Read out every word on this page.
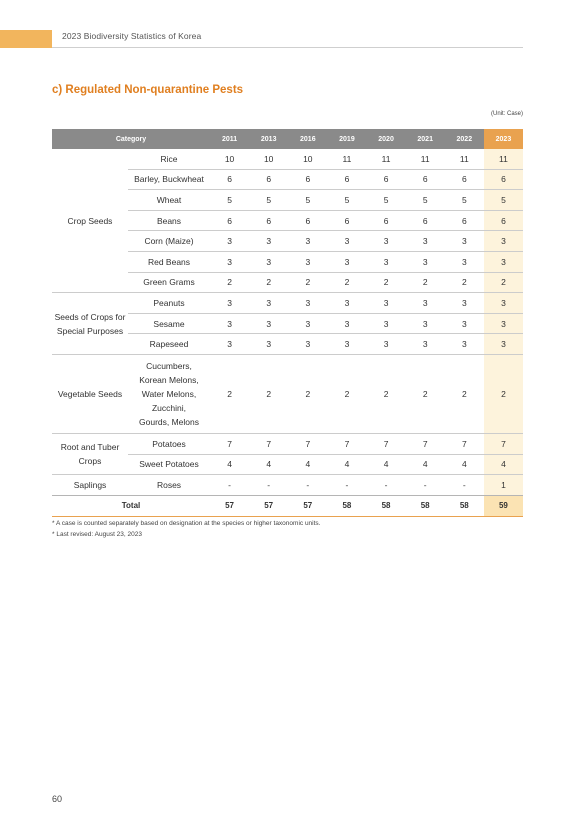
2023 Biodiversity Statistics of Korea
c) Regulated Non-quarantine Pests
(Unit: Case)
Category		2011	2013	2016	2019	2020	2021	2022	2023
Crop Seeds	Rice	10	10	10	11	11	11	11	11
	Barley, Buckwheat	6	6	6	6	6	6	6	6
	Wheat	5	5	5	5	5	5	5	5
	Beans	6	6	6	6	6	6	6	6
	Corn (Maize)	3	3	3	3	3	3	3	3
	Red Beans	3	3	3	3	3	3	3	3
	Green Grams	2	2	2	2	2	2	2	2
Seeds of Crops for Special Purposes	Peanuts	3	3	3	3	3	3	3	3
	Sesame	3	3	3	3	3	3	3	3
	Rapeseed	3	3	3	3	3	3	3	3
Vegetable Seeds	Cucumbers, Korean Melons, Water Melons, Zucchini, Gourds, Melons	2	2	2	2	2	2	2	2
Root and Tuber Crops	Potatoes	7	7	7	7	7	7	7	7
	Sweet Potatoes	4	4	4	4	4	4	4	4
Saplings	Roses	-	-	-	-	-	-	-	1
Total		57	57	57	58	58	58	58	59
* A case is counted separately based on designation at the species or higher taxonomic units.
* Last revised: August 23, 2023
60
